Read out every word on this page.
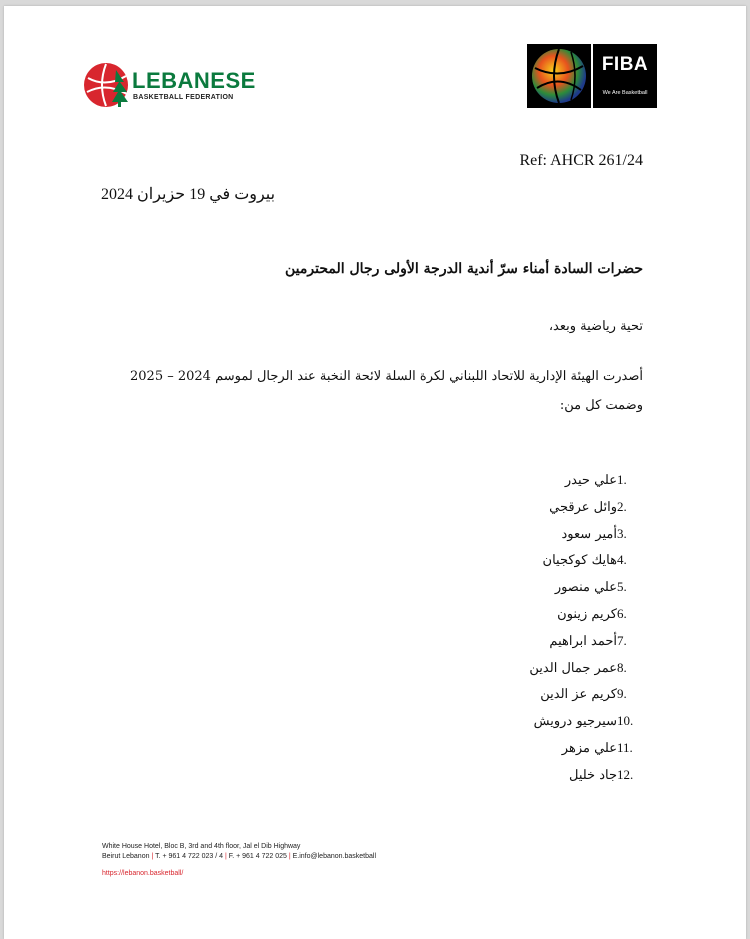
LEBANESE
BASKETBALL FEDERATION
FIBA
We Are Basketball
Ref: AHCR 261/24
بيروت في 19 حزيران 2024
حضرات السادة أمناء سرّ أندية الدرجة الأولى رجال المحترمين
تحية رياضية وبعد،
أصدرت الهيئة الإدارية للاتحاد اللبناني لكرة السلة لائحة النخبة عند الرجال لموسم 2024 – 2025 وضمت كل من:
1.علي حيدر
2.وائل عرقجي
3.أمير سعود
4.هايك كوكجيان
5.علي منصور
6.كريم زينون
7.أحمد ابراهيم
8.عمر جمال الدين
9.كريم عز الدين
10.سيرجيو درويش
11.علي مزهر
12.جاد خليل
White House Hotel, Bloc B, 3rd and 4th floor, Jal el Dib Highway
Beirut Lebanon | T. + 961 4 722 023 / 4 | F. + 961 4 722 025 | E.info@lebanon.basketball
https://lebanon.basketball/
